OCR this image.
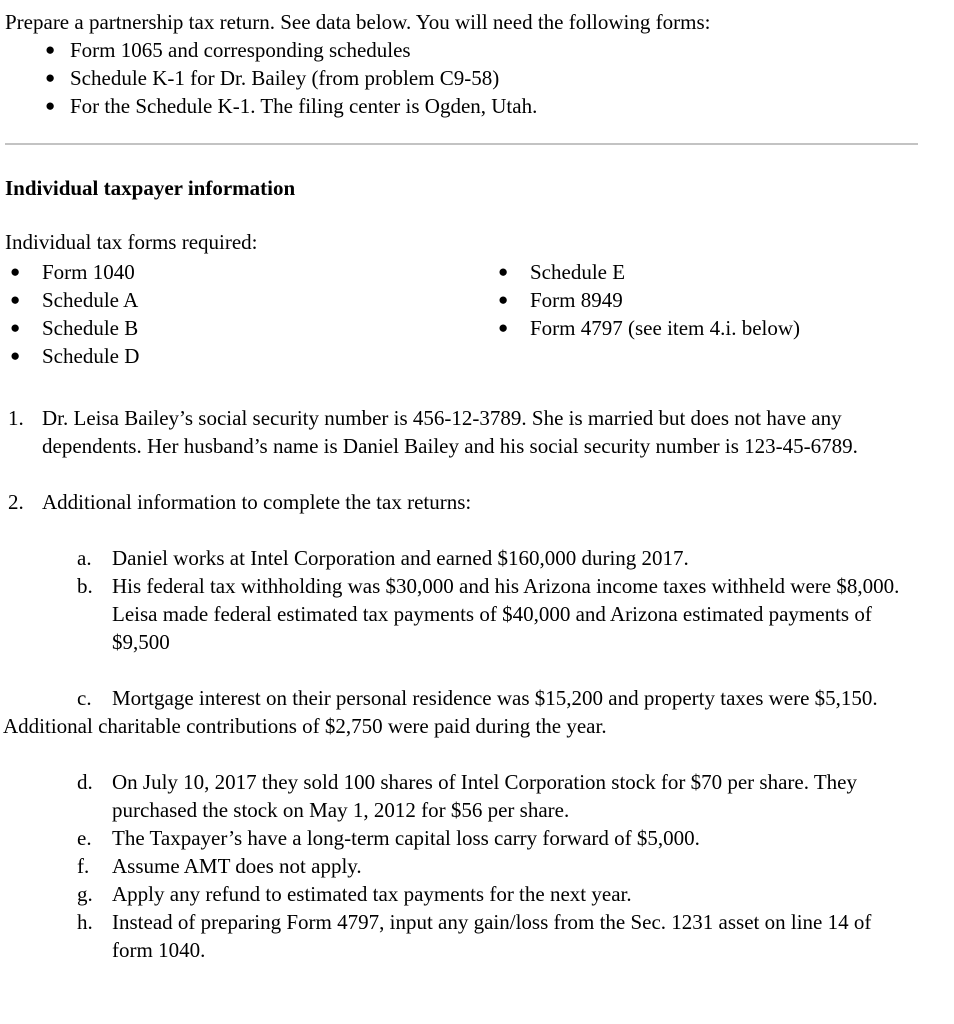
Prepare a partnership tax return. See data below. You will need the following forms:

● Form 1065 and corresponding schedules
● Schedule K-1 for Dr. Bailey (from problem C9-58)
● For the Schedule K-1. The filing center is Ogden, Utah.
Individual taxpayer information
Individual tax forms required:
● Form 1040
● Schedule A
● Schedule B
● Schedule D
● Schedule E
● Form 8949
● Form 4797 (see item 4.i. below)
1. Dr. Leisa Bailey’s social security number is 456-12-3789. She is married but does not have any dependents. Her husband’s name is Daniel Bailey and his social security number is 123-45-6789.
2. Additional information to complete the tax returns:
a. Daniel works at Intel Corporation and earned $160,000 during 2017.
b. His federal tax withholding was $30,000 and his Arizona income taxes withheld were $8,000. Leisa made federal estimated tax payments of $40,000 and Arizona estimated payments of $9,500
c. Mortgage interest on their personal residence was $15,200 and property taxes were $5,150.

Additional charitable contributions of $2,750 were paid during the year.

d. On July 10, 2017 they sold 100 shares of Intel Corporation stock for $70 per share. They purchased the stock on May 1, 2012 for $56 per share.
e. The Taxpayer’s have a long-term capital loss carry forward of $5,000.
f. Assume AMT does not apply.
g. Apply any refund to estimated tax payments for the next year.
h. Instead of preparing Form 4797, input any gain/loss from the Sec. 1231 asset on line 14 of form 1040.
